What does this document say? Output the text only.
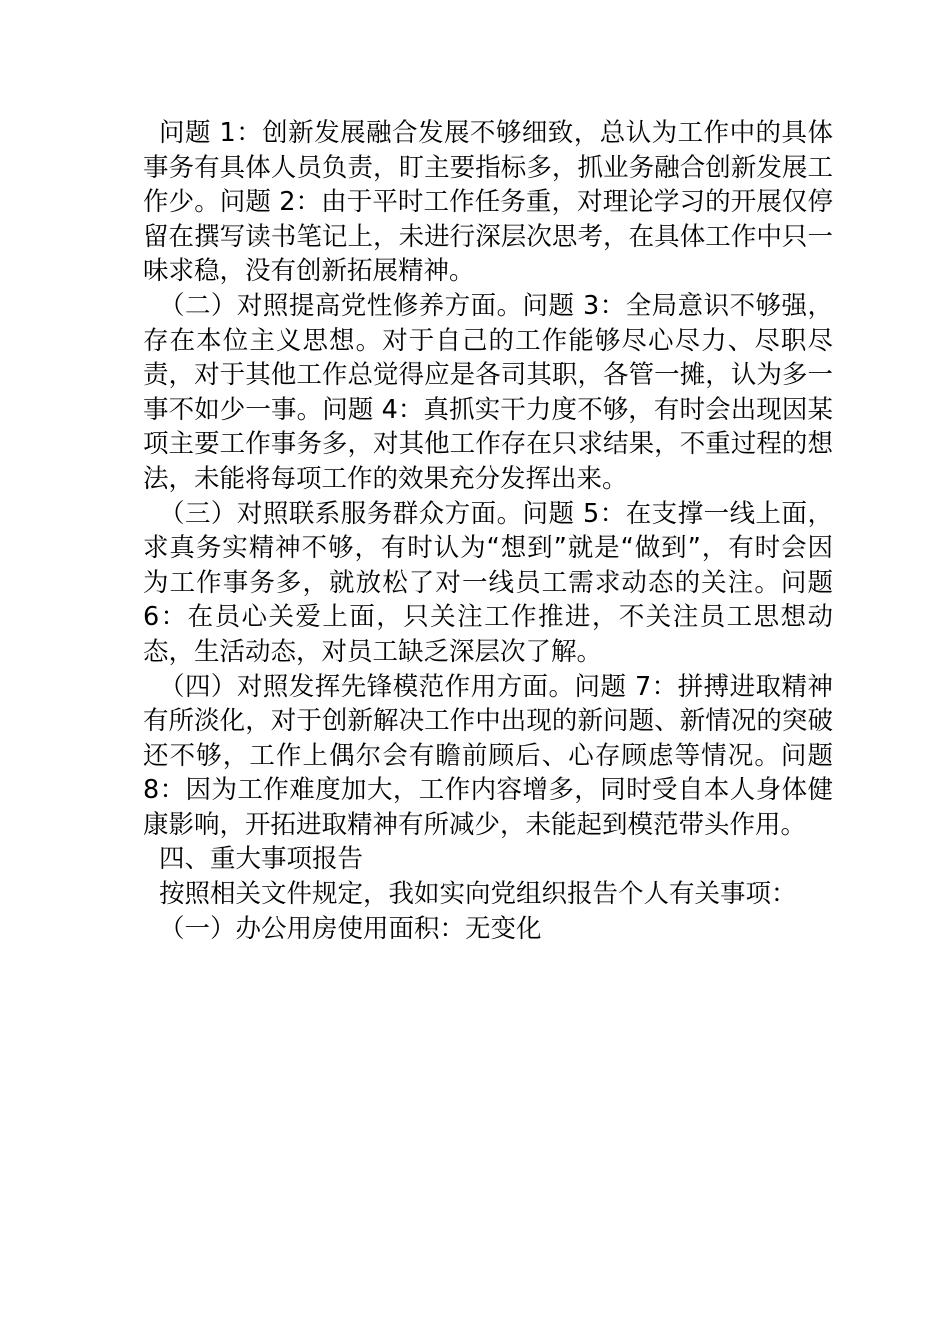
问题 1：创新发展融合发展不够细致，总认为工作中的具体事务有具体人员负责，盯主要指标多，抓业务融合创新发展工作少。问题 2：由于平时工作任务重，对理论学习的开展仅停留在撰写读书笔记上，未进行深层次思考，在具体工作中只一味求稳，没有创新拓展精神。

（二）对照提高党性修养方面。问题 3：全局意识不够强，存在本位主义思想。对于自己的工作能够尽心尽力、尽职尽责，对于其他工作总觉得应是各司其职，各管一摊，认为多一事不如少一事。问题 4：真抓实干力度不够，有时会出现因某项主要工作事务多，对其他工作存在只求结果，不重过程的想法，未能将每项工作的效果充分发挥出来。

（三）对照联系服务群众方面。问题 5：在支撑一线上面，求真务实精神不够，有时认为“想到”就是“做到”，有时会因为工作事务多，就放松了对一线员工需求动态的关注。问题 6：在员心关爱上面，只关注工作推进，不关注员工思想动态，生活动态，对员工缺乏深层次了解。

（四）对照发挥先锋模范作用方面。问题 7：拼搏进取精神有所淡化，对于创新解决工作中出现的新问题、新情况的突破还不够，工作上偶尔会有瞻前顾后、心存顾虑等情况。问题 8：因为工作难度加大，工作内容增多，同时受自本人身体健康影响，开拓进取精神有所减少，未能起到模范带头作用。

四、重大事项报告

按照相关文件规定，我如实向党组织报告个人有关事项：

（一）办公用房使用面积：无变化
